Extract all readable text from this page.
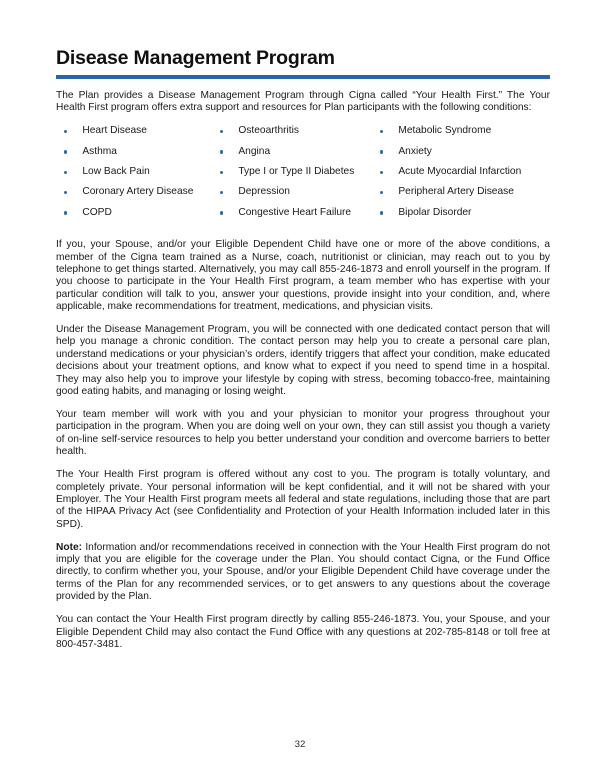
Disease Management Program

The Plan provides a Disease Management Program through Cigna called “Your Health First.” The Your Health First program offers extra support and resources for Plan participants with the following conditions:

Heart Disease	Osteoarthritis	Metabolic Syndrome
Asthma	Angina	Anxiety
Low Back Pain	Type I or Type II Diabetes	Acute Myocardial Infarction
Coronary Artery Disease	Depression	Peripheral Artery Disease
COPD	Congestive Heart Failure	Bipolar Disorder

If you, your Spouse, and/or your Eligible Dependent Child have one or more of the above conditions, a member of the Cigna team trained as a Nurse, coach, nutritionist or clinician, may reach out to you by telephone to get things started. Alternatively, you may call 855-246-1873 and enroll yourself in the program. If you choose to participate in the Your Health First program, a team member who has expertise with your particular condition will talk to you, answer your questions, provide insight into your condition, and, where applicable, make recommendations for treatment, medications, and physician visits.

Under the Disease Management Program, you will be connected with one dedicated contact person that will help you manage a chronic condition. The contact person may help you to create a personal care plan, understand medications or your physician’s orders, identify triggers that affect your condition, make educated decisions about your treatment options, and know what to expect if you need to spend time in a hospital. They may also help you to improve your lifestyle by coping with stress, becoming tobacco-free, maintaining good eating habits, and managing or losing weight.

Your team member will work with you and your physician to monitor your progress throughout your participation in the program. When you are doing well on your own, they can still assist you though a variety of on-line self-service resources to help you better understand your condition and overcome barriers to better health.

The Your Health First program is offered without any cost to you. The program is totally voluntary, and completely private. Your personal information will be kept confidential, and it will not be shared with your Employer. The Your Health First program meets all federal and state regulations, including those that are part of the HIPAA Privacy Act (see Confidentiality and Protection of your Health Information included later in this SPD).

Note: Information and/or recommendations received in connection with the Your Health First program do not imply that you are eligible for the coverage under the Plan. You should contact Cigna, or the Fund Office directly, to confirm whether you, your Spouse, and/or your Eligible Dependent Child have coverage under the terms of the Plan for any recommended services, or to get answers to any questions about the coverage provided by the Plan.

You can contact the Your Health First program directly by calling 855-246-1873. You, your Spouse, and your Eligible Dependent Child may also contact the Fund Office with any questions at 202-785-8148 or toll free at 800-457-3481.

32
